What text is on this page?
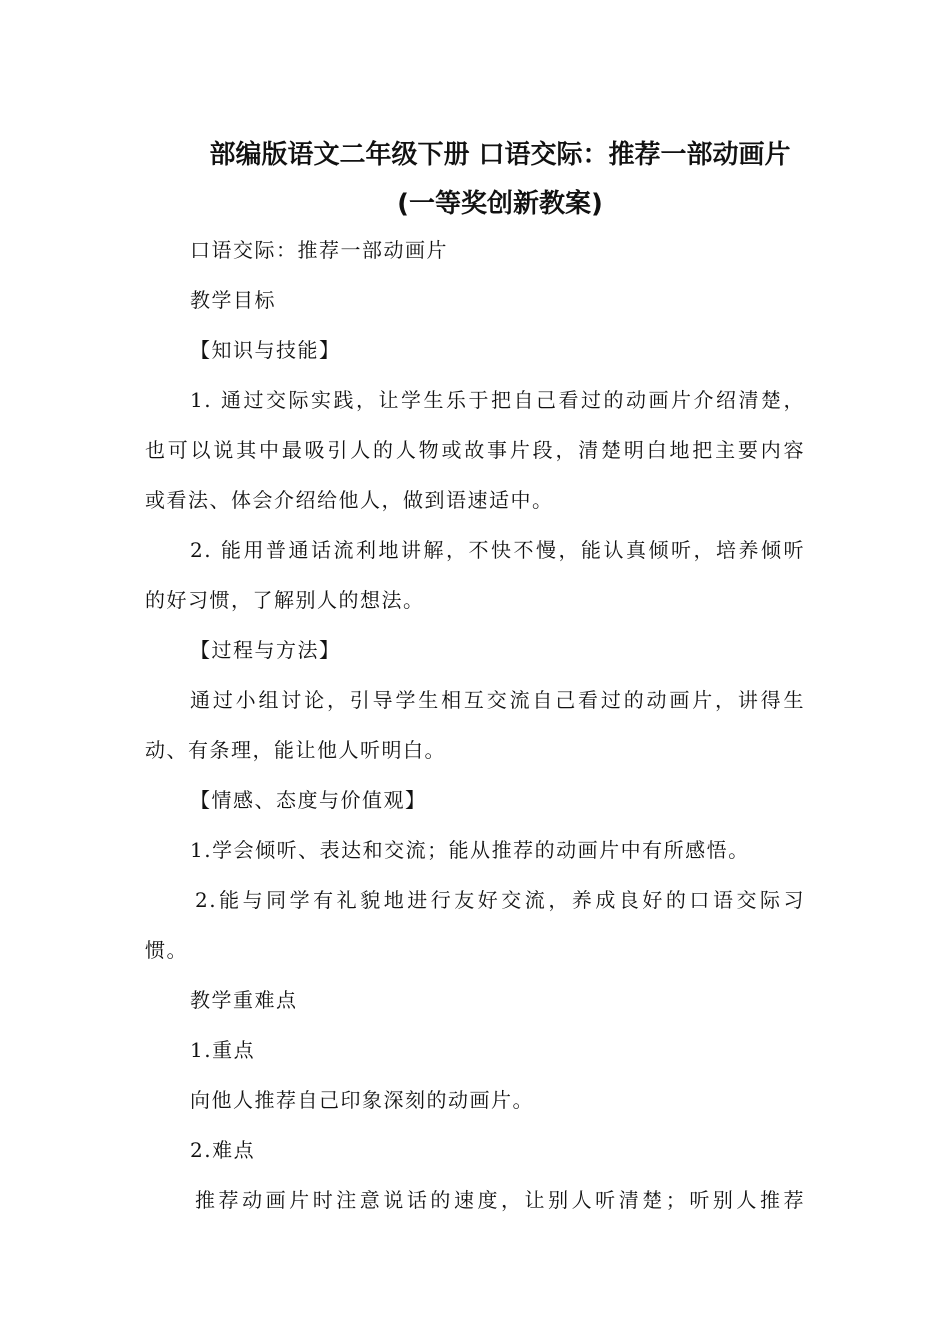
部编版语文二年级下册 口语交际：推荐一部动画片
(一等奖创新教案)
口语交际：推荐一部动画片
教学目标
【知识与技能】
1. 通过交际实践，让学生乐于把自己看过的动画片介绍清楚，
也可以说其中最吸引人的人物或故事片段，清楚明白地把主要内容
或看法、体会介绍给他人，做到语速适中。
2. 能用普通话流利地讲解，不快不慢，能认真倾听，培养倾听
的好习惯，了解别人的想法。
【过程与方法】
通过小组讨论，引导学生相互交流自己看过的动画片，讲得生
动、有条理，能让他人听明白。
【情感、态度与价值观】
1.学会倾听、表达和交流；能从推荐的动画片中有所感悟。
2.能与同学有礼貌地进行友好交流，养成良好的口语交际习
惯。
教学重难点
1.重点
向他人推荐自己印象深刻的动画片。
2.难点
推荐动画片时注意说话的速度，让别人听清楚；听别人推荐
